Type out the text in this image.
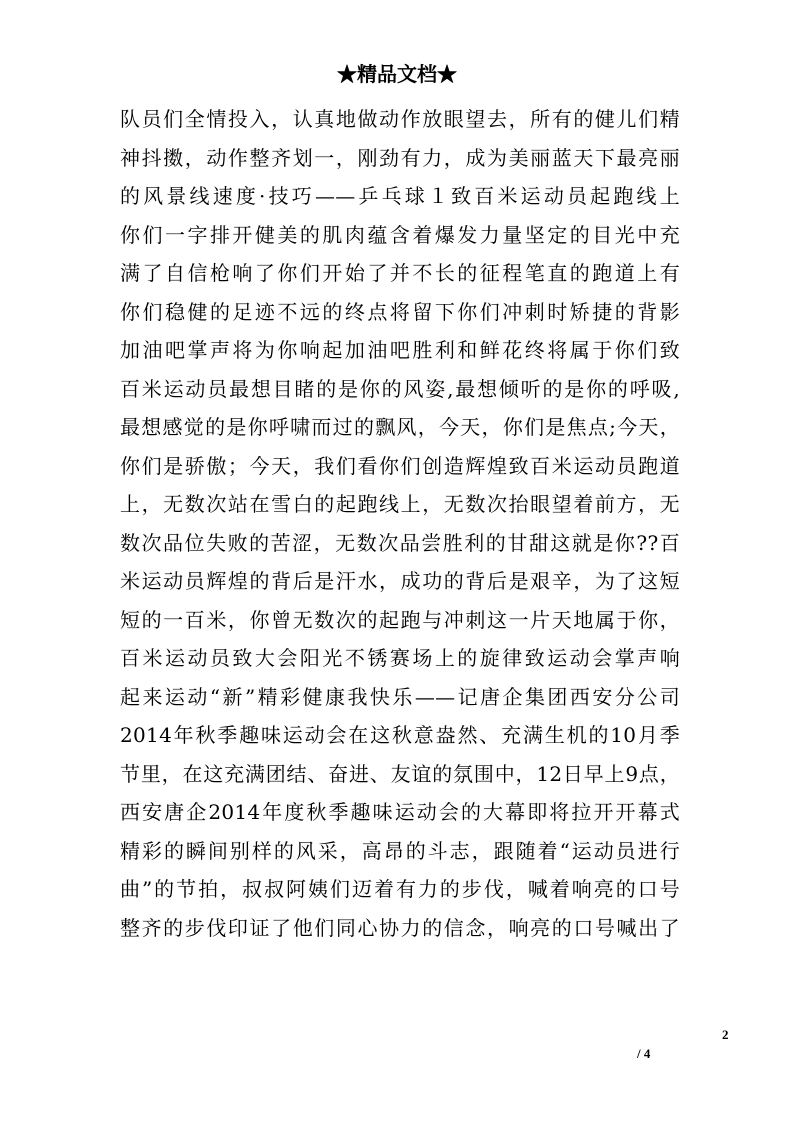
★精品文档★
队员们全情投入，认真地做动作放眼望去，所有的健儿们精
神抖擞，动作整齐划一，刚劲有力，成为美丽蓝天下最亮丽
的风景线速度·技巧——乒乓球１致百米运动员起跑线上
你们一字排开健美的肌肉蕴含着爆发力量坚定的目光中充
满了自信枪响了你们开始了并不长的征程笔直的跑道上有
你们稳健的足迹不远的终点将留下你们冲刺时矫捷的背影
加油吧掌声将为你响起加油吧胜利和鲜花终将属于你们致
百米运动员最想目睹的是你的风姿,最想倾听的是你的呼吸,
最想感觉的是你呼啸而过的飘风，今天，你们是焦点;今天，
你们是骄傲；今天，我们看你们创造辉煌致百米运动员跑道
上，无数次站在雪白的起跑线上，无数次抬眼望着前方，无
数次品位失败的苦涩，无数次品尝胜利的甘甜这就是你??百
米运动员辉煌的背后是汗水，成功的背后是艰辛，为了这短
短的一百米，你曾无数次的起跑与冲刺这一片天地属于你，
百米运动员致大会阳光不锈赛场上的旋律致运动会掌声响
起来运动“新”精彩健康我快乐——记唐企集团西安分公司
2014年秋季趣味运动会在这秋意盎然、充满生机的10月季
节里，在这充满团结、奋进、友谊的氛围中，12日早上9点，
西安唐企2014年度秋季趣味运动会的大幕即将拉开开幕式
精彩的瞬间别样的风采，高昂的斗志，跟随着“运动员进行
曲”的节拍，叔叔阿姨们迈着有力的步伐，喊着响亮的口号
整齐的步伐印证了他们同心协力的信念，响亮的口号喊出了
2
/ 4
